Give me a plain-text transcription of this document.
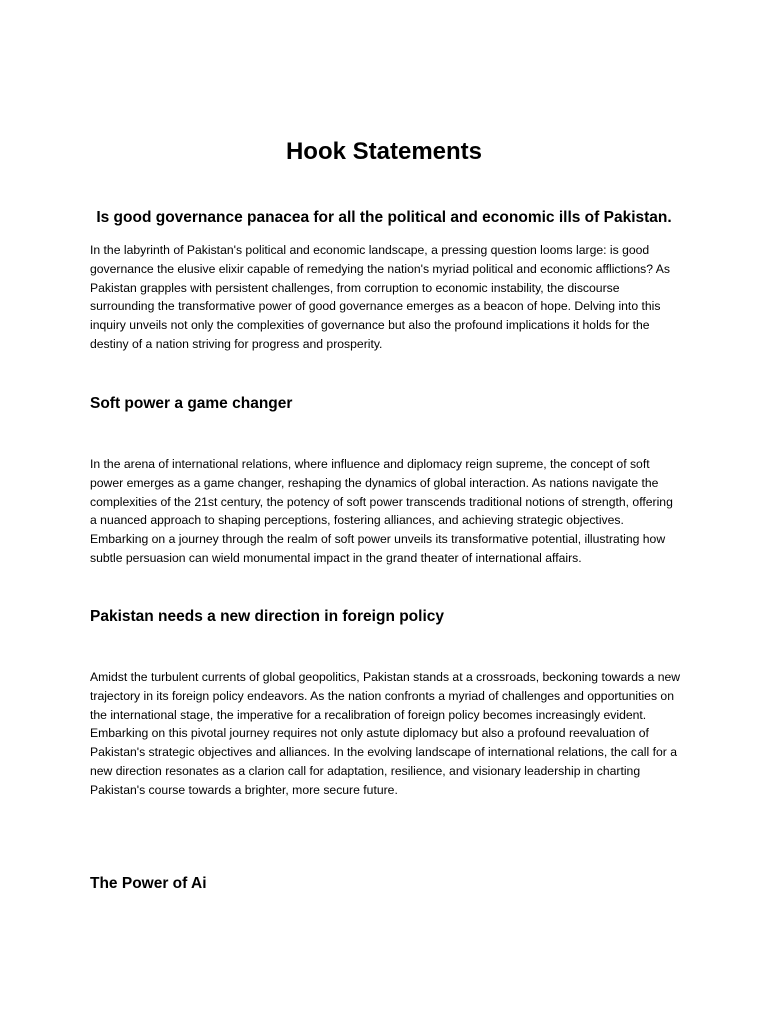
Hook Statements
Is good governance panacea for all the political and economic ills of Pakistan.

In the labyrinth of Pakistan's political and economic landscape, a pressing question looms large: is good governance the elusive elixir capable of remedying the nation's myriad political and economic afflictions? As Pakistan grapples with persistent challenges, from corruption to economic instability, the discourse surrounding the transformative power of good governance emerges as a beacon of hope. Delving into this inquiry unveils not only the complexities of governance but also the profound implications it holds for the destiny of a nation striving for progress and prosperity.

Soft power a game changer

In the arena of international relations, where influence and diplomacy reign supreme, the concept of soft power emerges as a game changer, reshaping the dynamics of global interaction. As nations navigate the complexities of the 21st century, the potency of soft power transcends traditional notions of strength, offering a nuanced approach to shaping perceptions, fostering alliances, and achieving strategic objectives. Embarking on a journey through the realm of soft power unveils its transformative potential, illustrating how subtle persuasion can wield monumental impact in the grand theater of international affairs.

Pakistan needs a new direction in foreign policy

Amidst the turbulent currents of global geopolitics, Pakistan stands at a crossroads, beckoning towards a new trajectory in its foreign policy endeavors. As the nation confronts a myriad of challenges and opportunities on the international stage, the imperative for a recalibration of foreign policy becomes increasingly evident. Embarking on this pivotal journey requires not only astute diplomacy but also a profound reevaluation of Pakistan's strategic objectives and alliances. In the evolving landscape of international relations, the call for a new direction resonates as a clarion call for adaptation, resilience, and visionary leadership in charting Pakistan's course towards a brighter, more secure future.

The Power of Ai
